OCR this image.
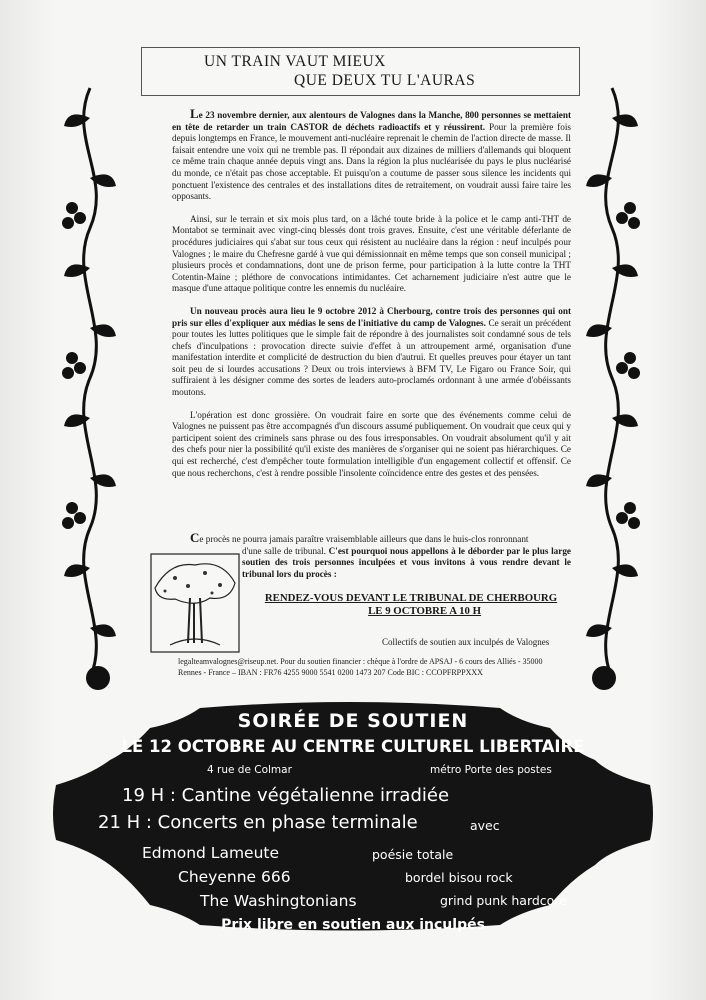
UN TRAIN VAUT MIEUX
QUE DEUX TU L'AURAS

Le 23 novembre dernier, aux alentours de Valognes dans la Manche, 800 personnes se mettaient en tête de retarder un train CASTOR de déchets radioactifs et y réussirent. Pour la première fois depuis longtemps en France, le mouvement anti-nucléaire reprenait le chemin de l'action directe de masse. Il faisait entendre une voix qui ne tremble pas. Il répondait aux dizaines de milliers d'allemands qui bloquent ce même train chaque année depuis vingt ans. Dans la région la plus nucléarisée du pays le plus nucléarisé du monde, ce n'était pas chose acceptable. Et puisqu'on a coutume de passer sous silence les incidents qui ponctuent l'existence des centrales et des installations dites de retraitement, on voudrait aussi faire taire les opposants.

Ainsi, sur le terrain et six mois plus tard, on a lâché toute bride à la police et le camp anti-THT de Montabot se terminait avec vingt-cinq blessés dont trois graves. Ensuite, c'est une véritable déferlante de procédures judiciaires qui s'abat sur tous ceux qui résistent au nucléaire dans la région : neuf inculpés pour Valognes ; le maire du Chefresne gardé à vue qui démissionnait en même temps que son conseil municipal ; plusieurs procès et condamnations, dont une de prison ferme, pour participation à la lutte contre la THT Cotentin-Maine ; pléthore de convocations intimidantes. Cet acharnement judiciaire n'est autre que le masque d'une attaque politique contre les ennemis du nucléaire.

Un nouveau procès aura lieu le 9 octobre 2012 à Cherbourg, contre trois des personnes qui ont pris sur elles d'expliquer aux médias le sens de l'initiative du camp de Valognes. Ce serait un précédent pour toutes les luttes politiques que le simple fait de répondre à des journalistes soit condamné sous de tels chefs d'inculpations : provocation directe suivie d'effet à un attroupement armé, organisation d'une manifestation interdite et complicité de destruction du bien d'autrui. Et quelles preuves pour étayer un tant soit peu de si lourdes accusations ? Deux ou trois interviews à BFM TV, Le Figaro ou France Soir, qui suffiraient à les désigner comme des sortes de leaders auto-proclamés ordonnant à une armée d'obéissants moutons.

L'opération est donc grossière. On voudrait faire en sorte que des événements comme celui de Valognes ne puissent pas être accompagnés d'un discours assumé publiquement. On voudrait que ceux qui y participent soient des criminels sans phrase ou des fous irresponsables. On voudrait absolument qu'il y ait des chefs pour nier la possibilité qu'il existe des manières de s'organiser qui ne soient pas hiérarchiques. Ce qui est recherché, c'est d'empêcher toute formulation intelligible d'un engagement collectif et offensif. Ce que nous recherchons, c'est à rendre possible l'insolente coïncidence entre des gestes et des pensées.

Ce procès ne pourra jamais paraître vraisemblable ailleurs que dans le huis-clos ronronnant
d'une salle de tribunal. C'est pourquoi nous appellons à le déborder par le plus large soutien des trois personnes inculpées et vous invitons à vous rendre devant le tribunal lors du procès :
RENDEZ-VOUS DEVANT LE TRIBUNAL DE CHERBOURG
LE 9 OCTOBRE A 10 H
Collectifs de soutien aux inculpés de Valognes
legalteamvalognes@riseup.net. Pour du soutien financier : chèque à l'ordre de APSAJ - 6 cours des Alliés - 35000 Rennes - France – IBAN : FR76 4255 9000 5541 0200 1473 207 Code BIC : CCOPFRPPXXX
SOIRÉE DE SOUTIEN
LE 12 OCTOBRE AU CENTRE CULTUREL LIBERTAIRE
4 rue de Colmar	métro Porte des postes
19 H : Cantine végétalienne irradiée
21 H : Concerts en phase terminale	avec
Edmond Lameute
Cheyenne 666
The Washingtonians
poésie totale
bordel bisou rock
grind punk hardcore
Prix libre en soutien aux inculpés
